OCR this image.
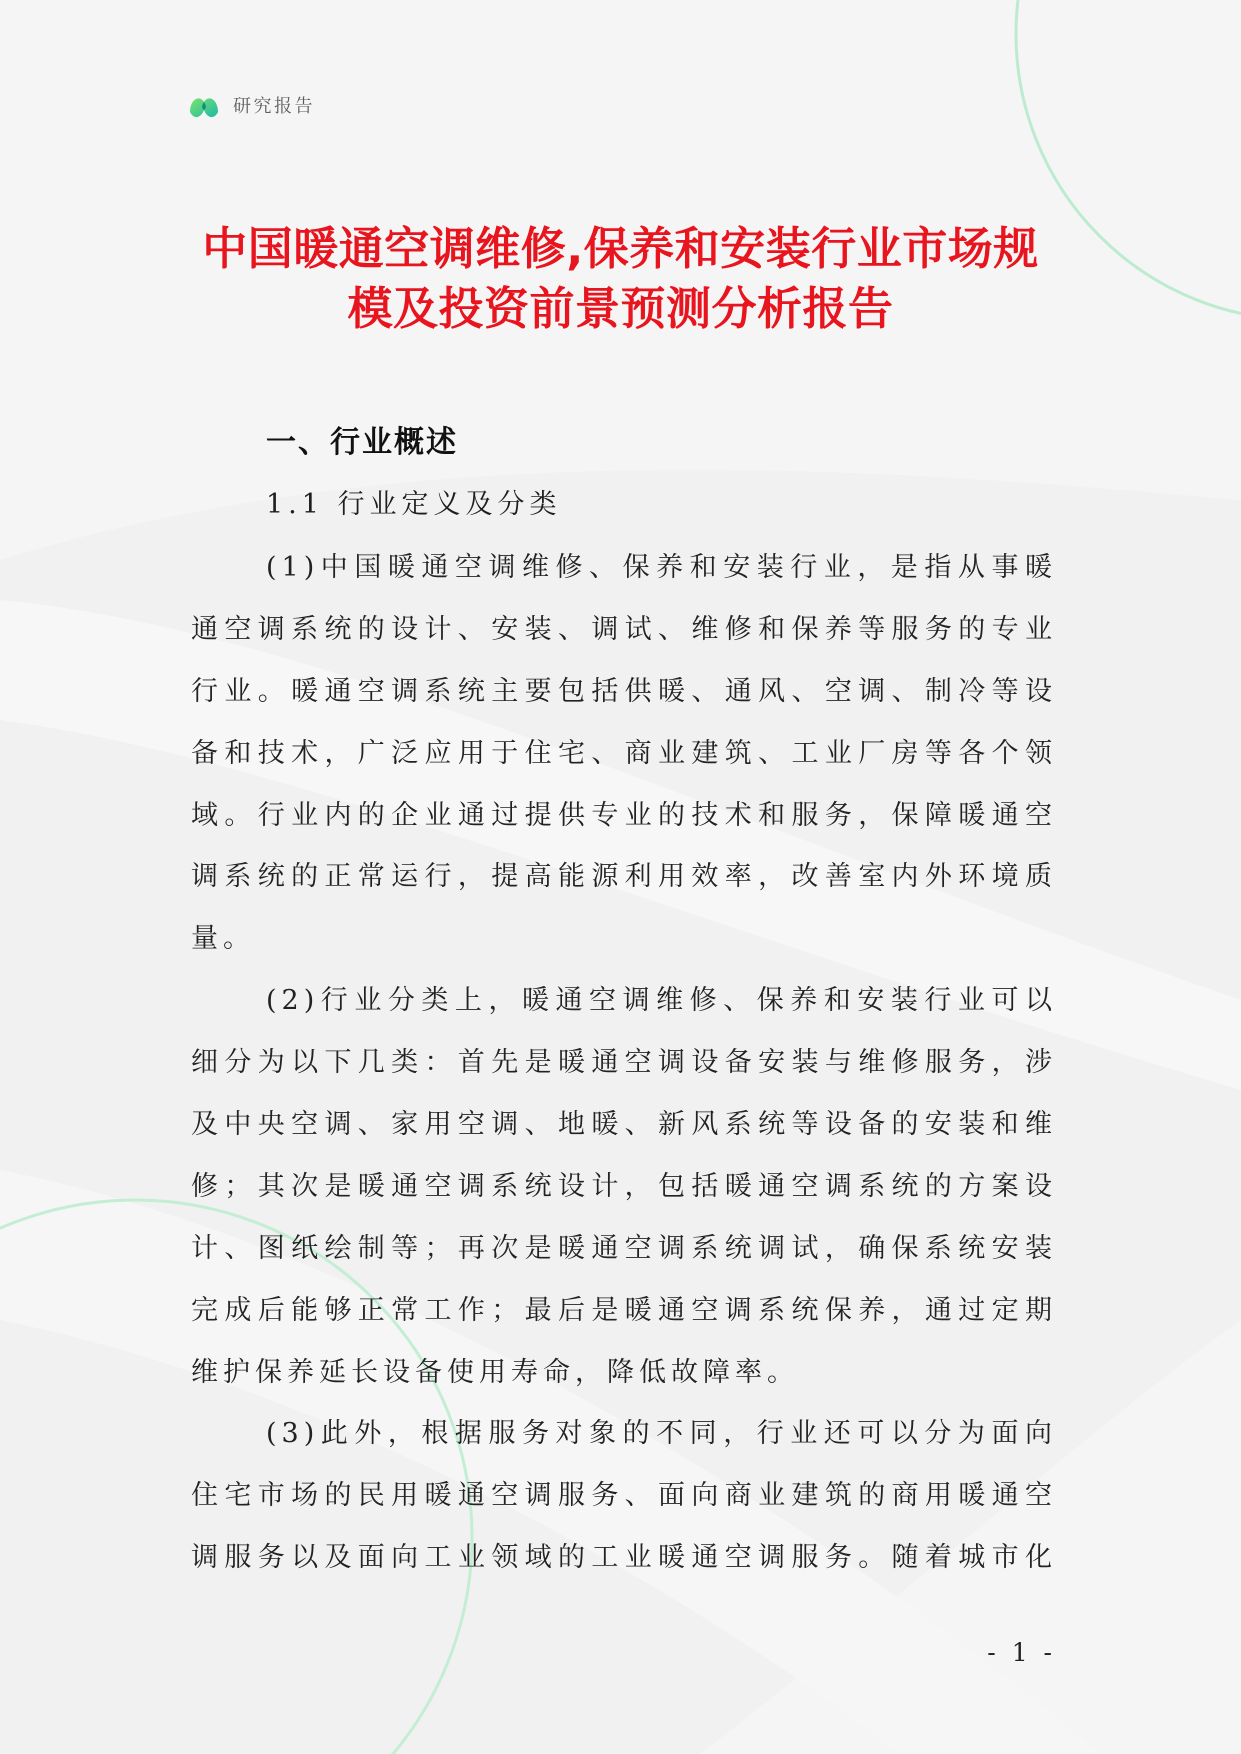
研究报告
中国暖通空调维修,保养和安装行业市场规
模及投资前景预测分析报告
一、行业概述
1.1 行业定义及分类
(1)中国暖通空调维修、保养和安装行业，是指从事暖
通空调系统的设计、安装、调试、维修和保养等服务的专业
行业。暖通空调系统主要包括供暖、通风、空调、制冷等设
备和技术，广泛应用于住宅、商业建筑、工业厂房等各个领
域。行业内的企业通过提供专业的技术和服务，保障暖通空
调系统的正常运行，提高能源利用效率，改善室内外环境质
量。
(2)行业分类上，暖通空调维修、保养和安装行业可以
细分为以下几类：首先是暖通空调设备安装与维修服务，涉
及中央空调、家用空调、地暖、新风系统等设备的安装和维
修；其次是暖通空调系统设计，包括暖通空调系统的方案设
计、图纸绘制等；再次是暖通空调系统调试，确保系统安装
完成后能够正常工作；最后是暖通空调系统保养，通过定期
维护保养延长设备使用寿命，降低故障率。
(3)此外，根据服务对象的不同，行业还可以分为面向
住宅市场的民用暖通空调服务、面向商业建筑的商用暖通空
调服务以及面向工业领域的工业暖通空调服务。随着城市化
- 1 -
